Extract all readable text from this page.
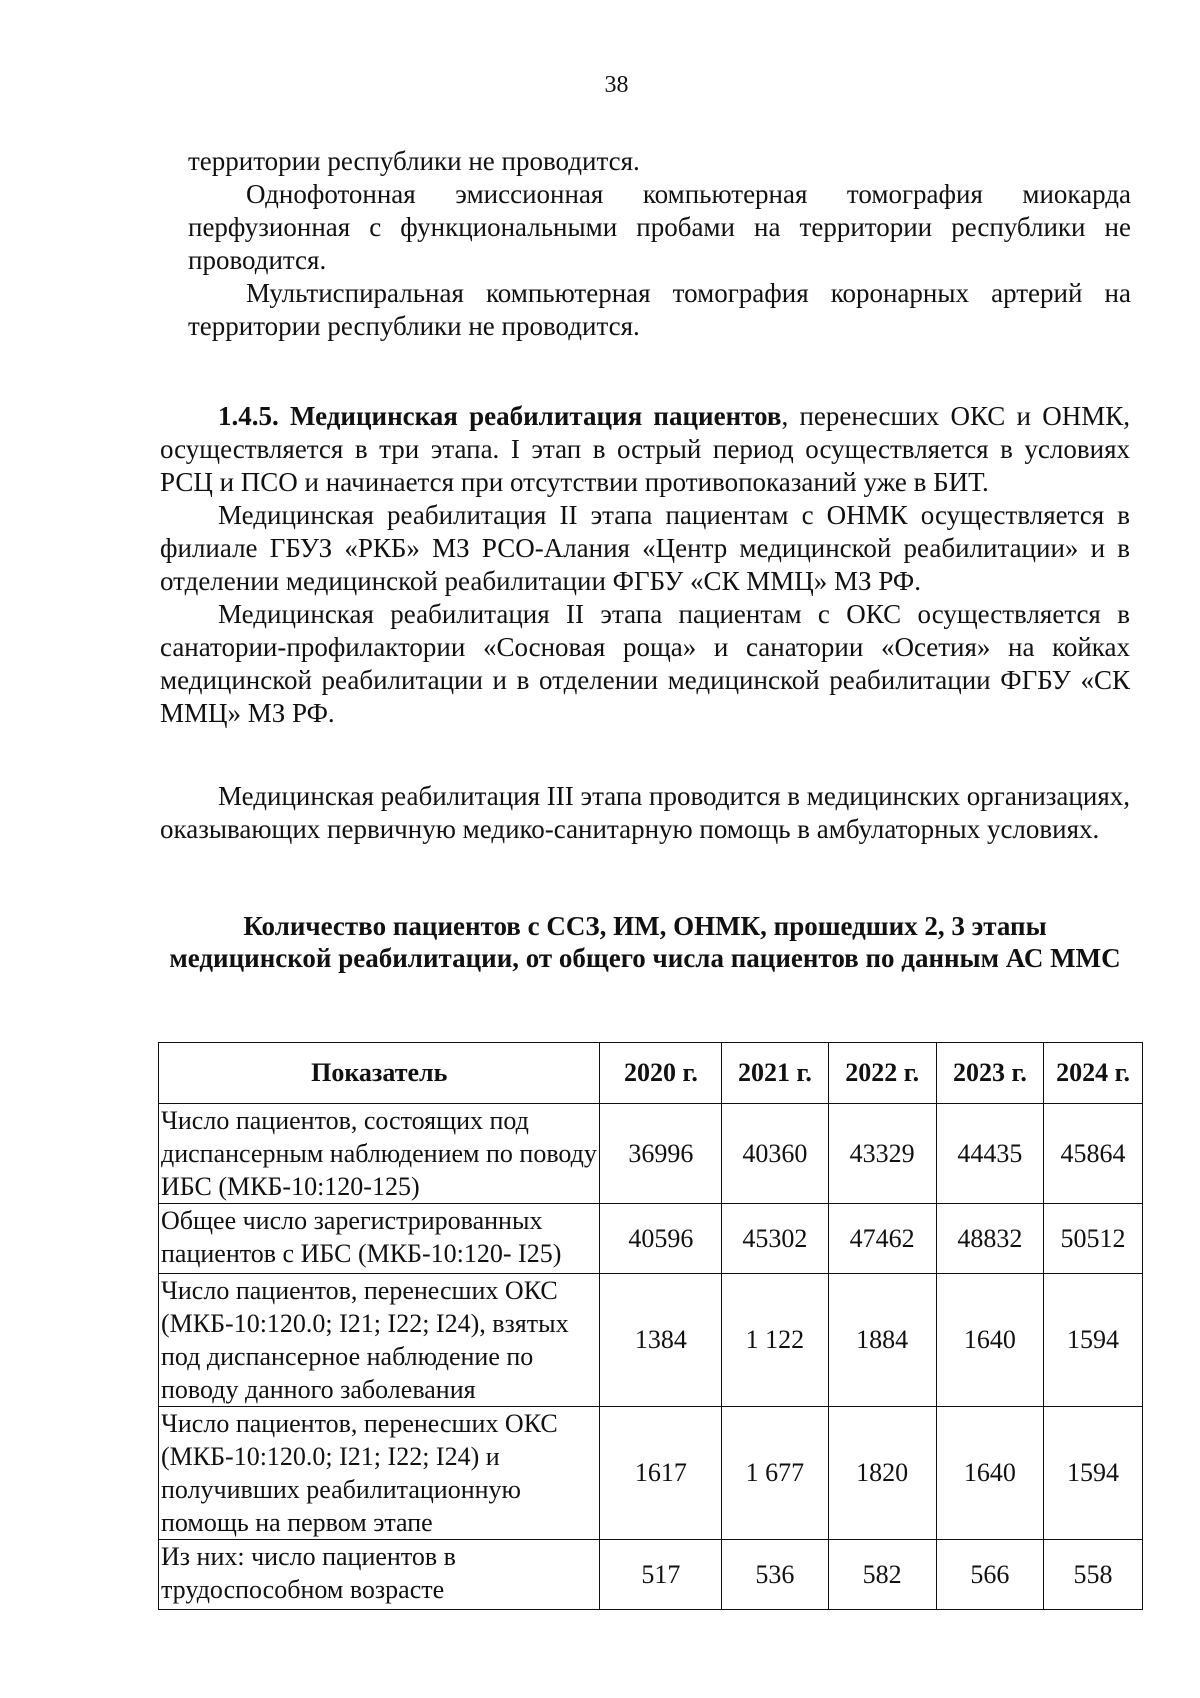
38

территории республики не проводится.

Однофотонная эмиссионная компьютерная томография миокарда перфузионная с функциональными пробами на территории республики не проводится.

Мультиспиральная компьютерная томография коронарных артерий на территории республики не проводится.

1.4.5. Медицинская реабилитация пациентов, перенесших ОКС и ОНМК, осуществляется в три этапа. I этап в острый период осуществляется в условиях РСЦ и ПСО и начинается при отсутствии противопоказаний уже в БИТ.

Медицинская реабилитация II этапа пациентам с ОНМК осуществляется в филиале ГБУЗ «РКБ» МЗ РСО-Алания «Центр медицинской реабилитации» и в отделении медицинской реабилитации ФГБУ «СК ММЦ» МЗ РФ.

Медицинская реабилитация II этапа пациентам с ОКС осуществляется в санатории-профилактории «Сосновая роща» и санатории «Осетия» на койках медицинской реабилитации и в отделении медицинской реабилитации ФГБУ «СК ММЦ» МЗ РФ.

Медицинская реабилитация III этапа проводится в медицинских организациях, оказывающих первичную медико-санитарную помощь в амбулаторных условиях.

Количество пациентов с ССЗ, ИМ, ОНМК, прошедших 2, 3 этапы медицинской реабилитации, от общего числа пациентов по данным АС ММС
Показатель	2020 г.	2021 г.	2022 г.	2023 г.	2024 г.
Число пациентов, состоящих под диспансерным наблюдением по поводу ИБС (МКБ-10:120-125)	36996	40360	43329	44435	45864
Общее число зарегистрированных пациентов с ИБС (МКБ-10:120- I25)	40596	45302	47462	48832	50512
Число пациентов, перенесших ОКС (МКБ-10:120.0; I21; I22; I24), взятых под диспансерное наблюдение по поводу данного заболевания	1384	1 122	1884	1640	1594
Число пациентов, перенесших ОКС (МКБ-10:120.0; I21; I22; I24) и получивших реабилитационную помощь на первом этапе	1617	1 677	1820	1640	1594
Из них: число пациентов в трудоспособном возрасте	517	536	582	566	558
